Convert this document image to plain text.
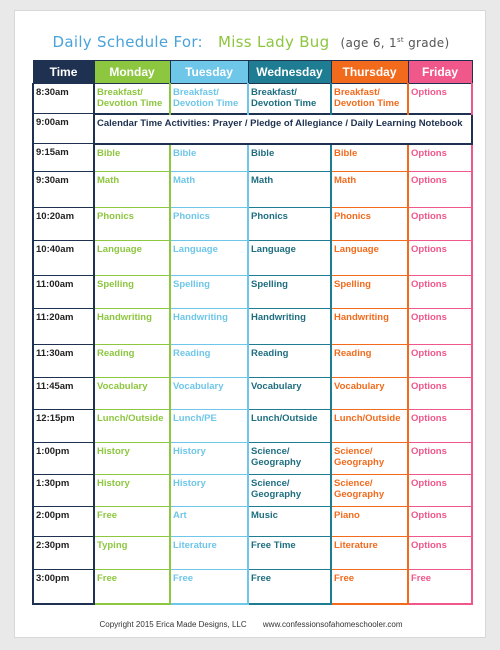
Daily Schedule For: Miss Lady Bug (age 6, 1st grade)
Time	Monday	Tuesday	Wednesday	Thursday	Friday
8:30am	Breakfast/ Devotion Time	Breakfast/ Devotion Time	Breakfast/ Devotion Time	Breakfast/ Devotion Time	Options
9:00am	Calendar Time Activities: Prayer / Pledge of Allegiance / Daily Learning Notebook				
9:15am	Bible	Bible	Bible	Bible	Options
9:30am	Math	Math	Math	Math	Options
10:20am	Phonics	Phonics	Phonics	Phonics	Options
10:40am	Language	Language	Language	Language	Options
11:00am	Spelling	Spelling	Spelling	Spelling	Options
11:20am	Handwriting	Handwriting	Handwriting	Handwriting	Options
11:30am	Reading	Reading	Reading	Reading	Options
11:45am	Vocabulary	Vocabulary	Vocabulary	Vocabulary	Options
12:15pm	Lunch/Outside	Lunch/PE	Lunch/Outside	Lunch/Outside	Options
1:00pm	History	History	Science/ Geography	Science/ Geography	Options
1:30pm	History	History	Science/ Geography	Science/ Geography	Options
2:00pm	Free	Art	Music	Piano	Options
2:30pm	Typing	Literature	Free Time	Literature	Options
3:00pm	Free	Free	Free	Free	Free
Copyright 2015 Erica Made Designs, LLC www.confessionsofahomeschooler.com
